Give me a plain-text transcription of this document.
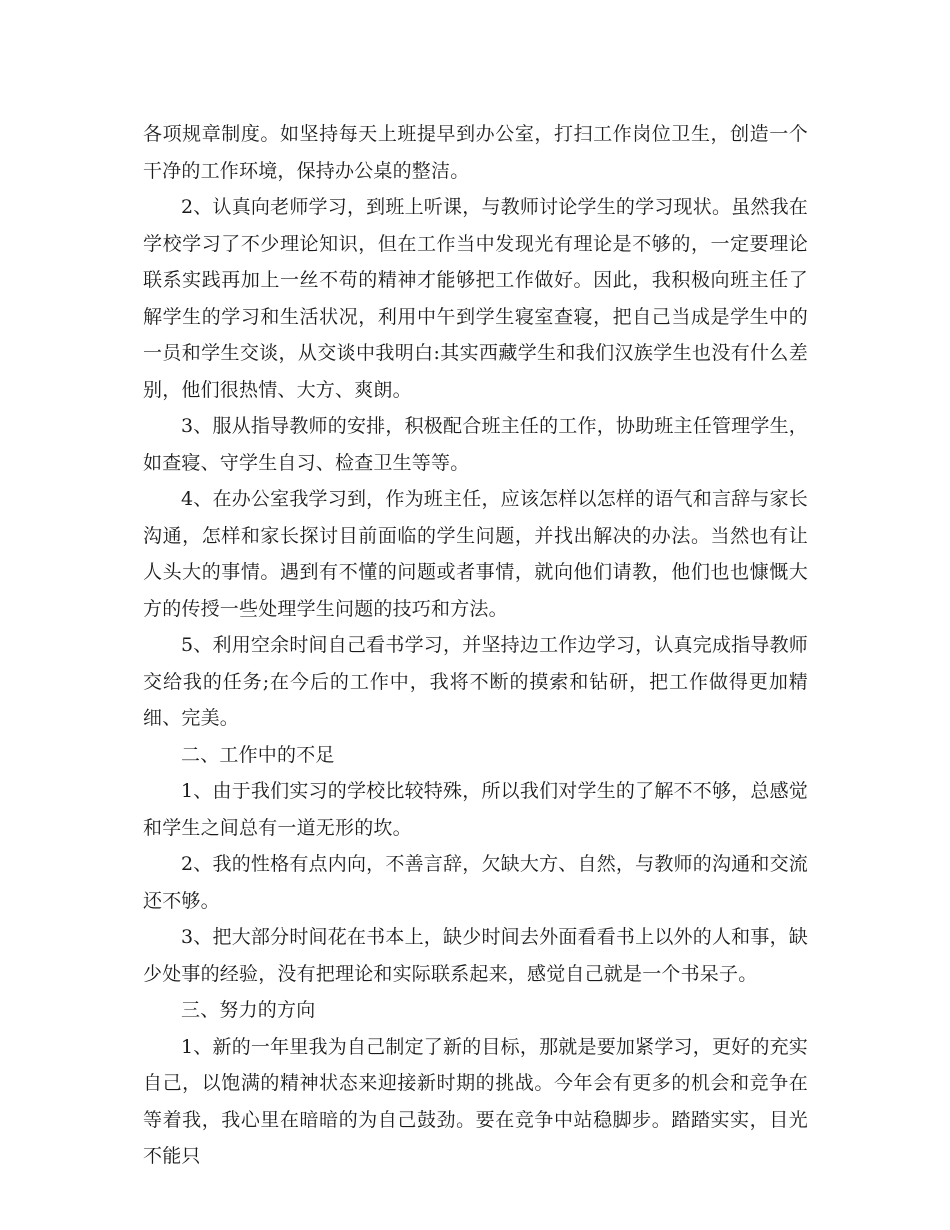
各项规章制度。如坚持每天上班提早到办公室，打扫工作岗位卫生，创造一个干净的工作环境，保持办公桌的整洁。

2、认真向老师学习，到班上听课，与教师讨论学生的学习现状。虽然我在学校学习了不少理论知识，但在工作当中发现光有理论是不够的，一定要理论联系实践再加上一丝不苟的精神才能够把工作做好。因此，我积极向班主任了解学生的学习和生活状况，利用中午到学生寝室查寝，把自己当成是学生中的一员和学生交谈，从交谈中我明白:其实西藏学生和我们汉族学生也没有什么差别，他们很热情、大方、爽朗。

3、服从指导教师的安排，积极配合班主任的工作，协助班主任管理学生，如查寝、守学生自习、检查卫生等等。

4、在办公室我学习到，作为班主任，应该怎样以怎样的语气和言辞与家长沟通，怎样和家长探讨目前面临的学生问题，并找出解决的办法。当然也有让人头大的事情。遇到有不懂的问题或者事情，就向他们请教，他们也也慷慨大方的传授一些处理学生问题的技巧和方法。

5、利用空余时间自己看书学习，并坚持边工作边学习，认真完成指导教师交给我的任务;在今后的工作中，我将不断的摸索和钻研，把工作做得更加精细、完美。

二、工作中的不足

1、由于我们实习的学校比较特殊，所以我们对学生的了解不不够，总感觉和学生之间总有一道无形的坎。

2、我的性格有点内向，不善言辞，欠缺大方、自然，与教师的沟通和交流还不够。

3、把大部分时间花在书本上，缺少时间去外面看看书上以外的人和事，缺少处事的经验，没有把理论和实际联系起来，感觉自己就是一个书呆子。

三、努力的方向

1、新的一年里我为自己制定了新的目标，那就是要加紧学习，更好的充实自己，以饱满的精神状态来迎接新时期的挑战。今年会有更多的机会和竞争在等着我，我心里在暗暗的为自己鼓劲。要在竞争中站稳脚步。踏踏实实，目光不能只
